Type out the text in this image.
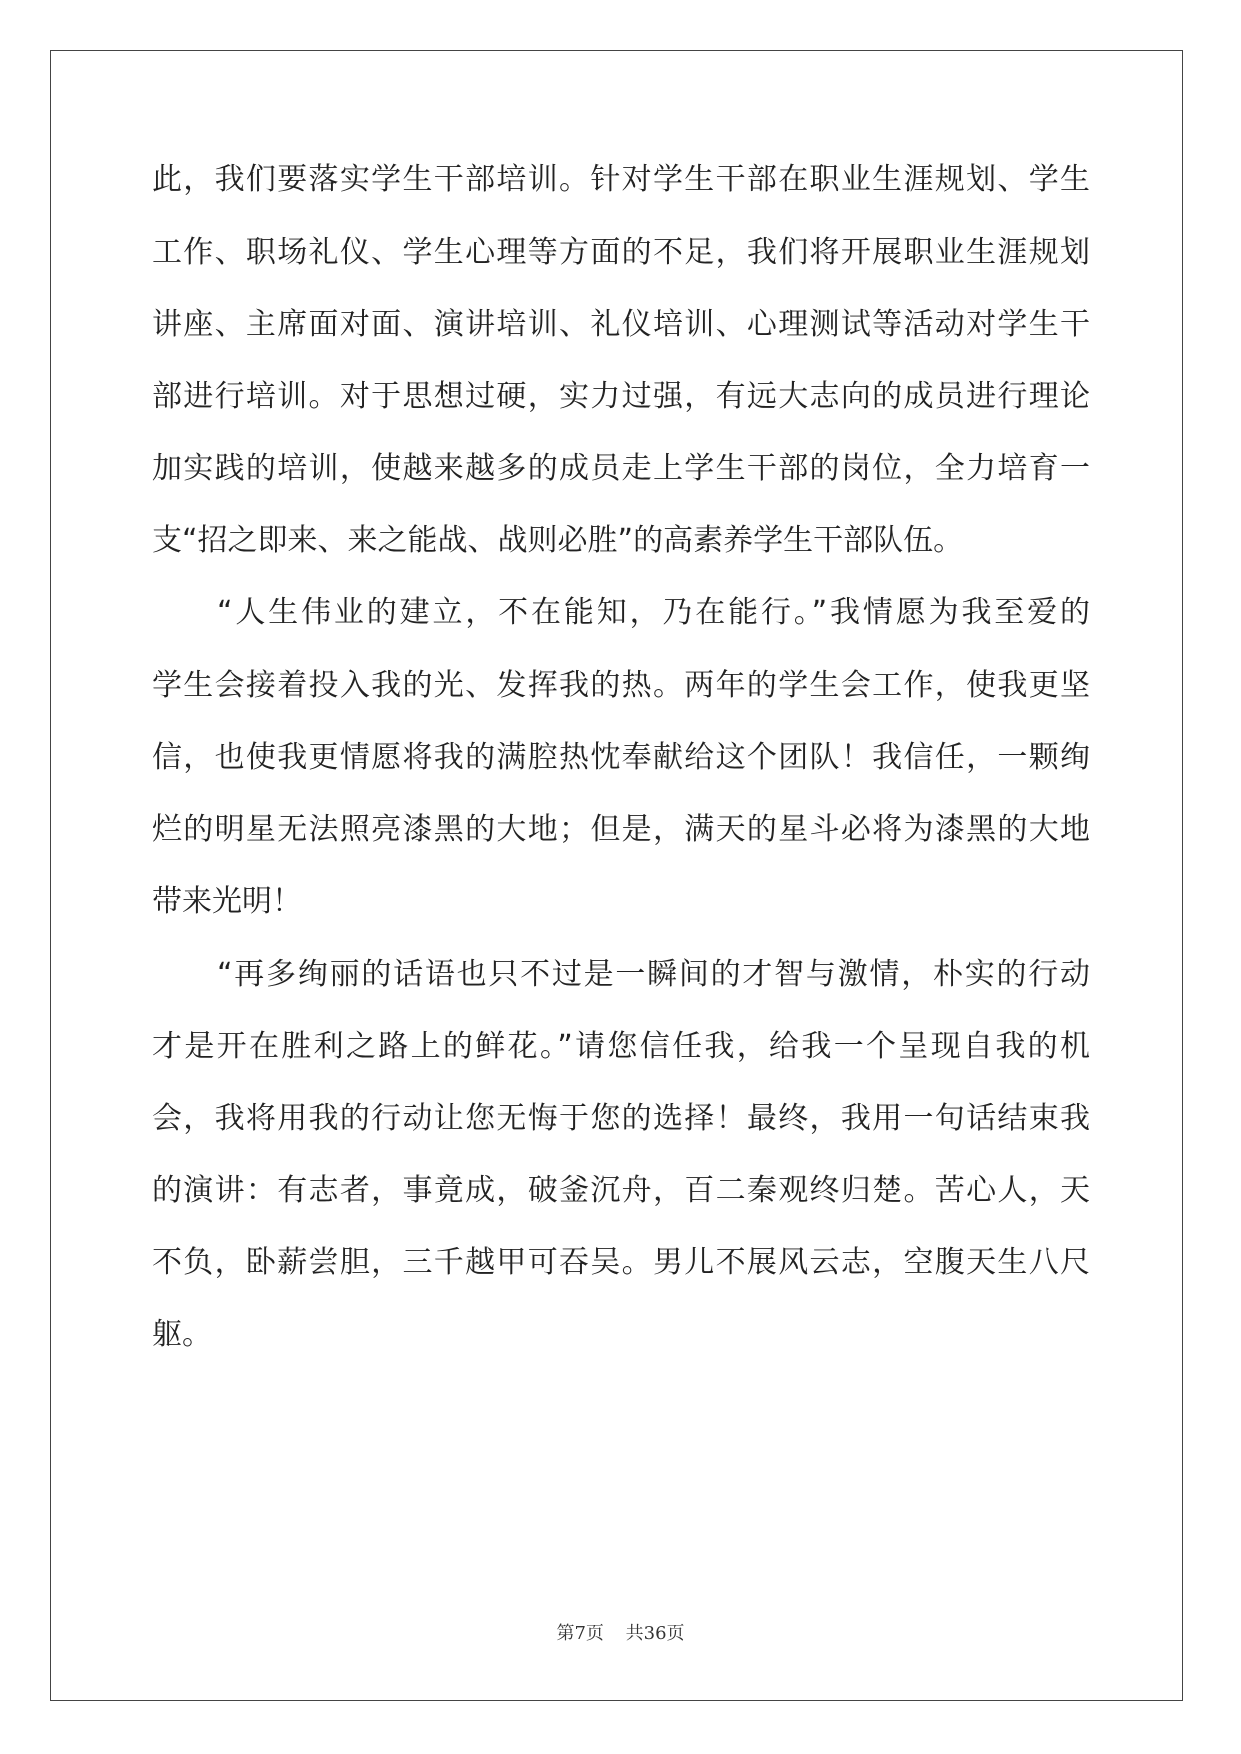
此，我们要落实学生干部培训。针对学生干部在职业生涯规划、学生
工作、职场礼仪、学生心理等方面的不足，我们将开展职业生涯规划
讲座、主席面对面、演讲培训、礼仪培训、心理测试等活动对学生干
部进行培训。对于思想过硬，实力过强，有远大志向的成员进行理论
加实践的培训，使越来越多的成员走上学生干部的岗位，全力培育一
支“招之即来、来之能战、战则必胜”的高素养学生干部队伍。
“人生伟业的建立，不在能知，乃在能行。”我情愿为我至爱的
学生会接着投入我的光、发挥我的热。两年的学生会工作，使我更坚
信，也使我更情愿将我的满腔热忱奉献给这个团队！我信任，一颗绚
烂的明星无法照亮漆黑的大地；但是，满天的星斗必将为漆黑的大地
带来光明！
“再多绚丽的话语也只不过是一瞬间的才智与激情，朴实的行动
才是开在胜利之路上的鲜花。”请您信任我，给我一个呈现自我的机
会，我将用我的行动让您无悔于您的选择！最终，我用一句话结束我
的演讲：有志者，事竟成，破釜沉舟，百二秦观终归楚。苦心人，天
不负，卧薪尝胆，三千越甲可吞吴。男儿不展风云志，空腹天生八尺
躯。
第7页 共36页
